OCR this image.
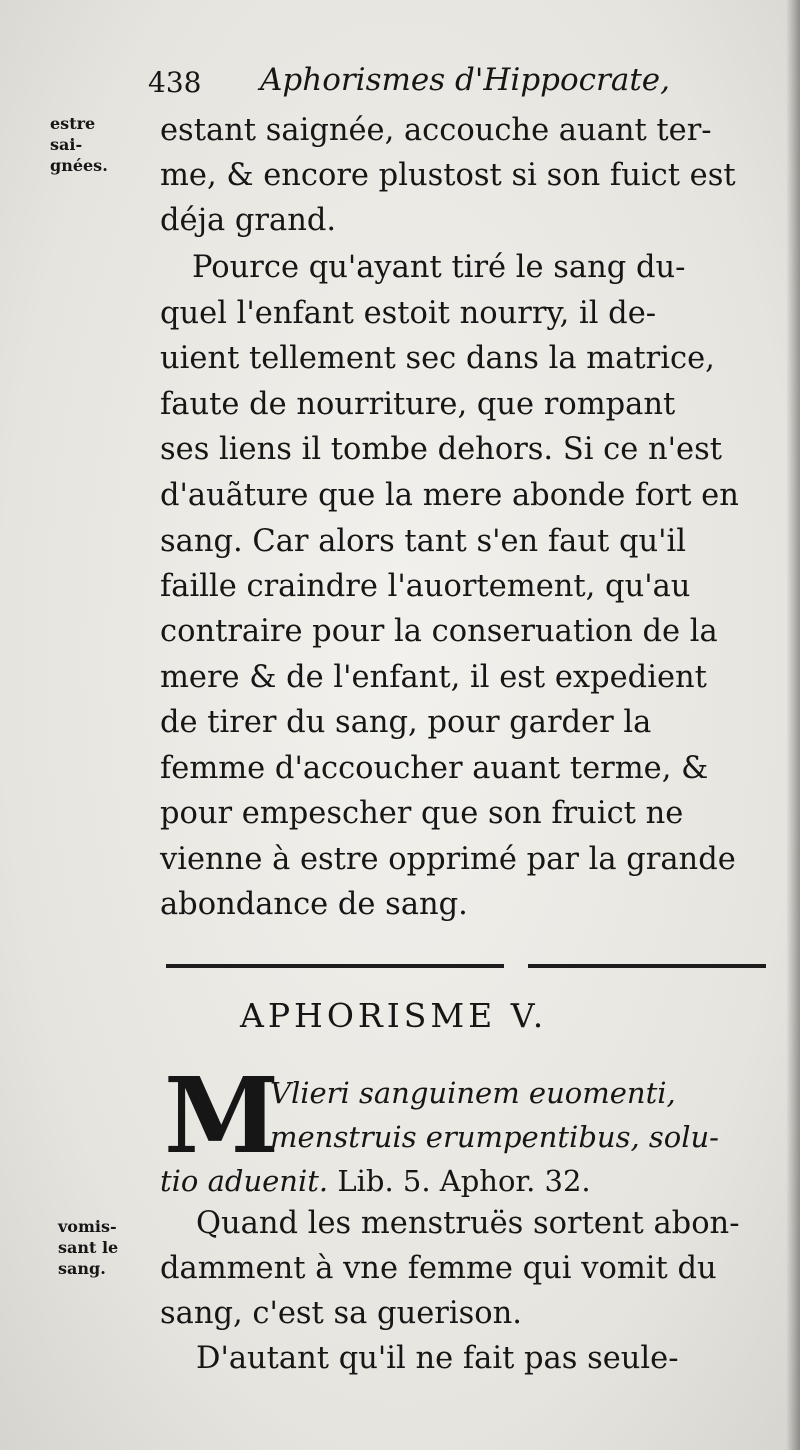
438 Aphorismes d'Hippocrate,
estre
sai-
gnées.
estant saignée, accouche auant ter-
me, & encore plustost si son fuict est
déja grand.
Pource qu'ayant tiré le sang du-
quel l'enfant estoit nourry, il de-
uient tellement sec dans la matrice,
faute de nourriture, que rompant
ses liens il tombe dehors. Si ce n'est
d'auãture que la mere abonde fort en
sang. Car alors tant s'en faut qu'il
faille craindre l'auortement, qu'au
contraire pour la conseruation de la
mere & de l'enfant, il est expedient
de tirer du sang, pour garder la
femme d'accoucher auant terme, &
pour empescher que son fruict ne
vienne à estre opprimé par la grande
abondance de sang.
APHORISME V.
M
Vlieri sanguinem euomenti,
menstruis erumpentibus, solu-
tio aduenit. Lib. 5. Aphor. 32.
vomis-
sant le
sang.
Quand les menstruës sortent abon-
damment à vne femme qui vomit du
sang, c'est sa guerison.
D'autant qu'il ne fait pas seule-
